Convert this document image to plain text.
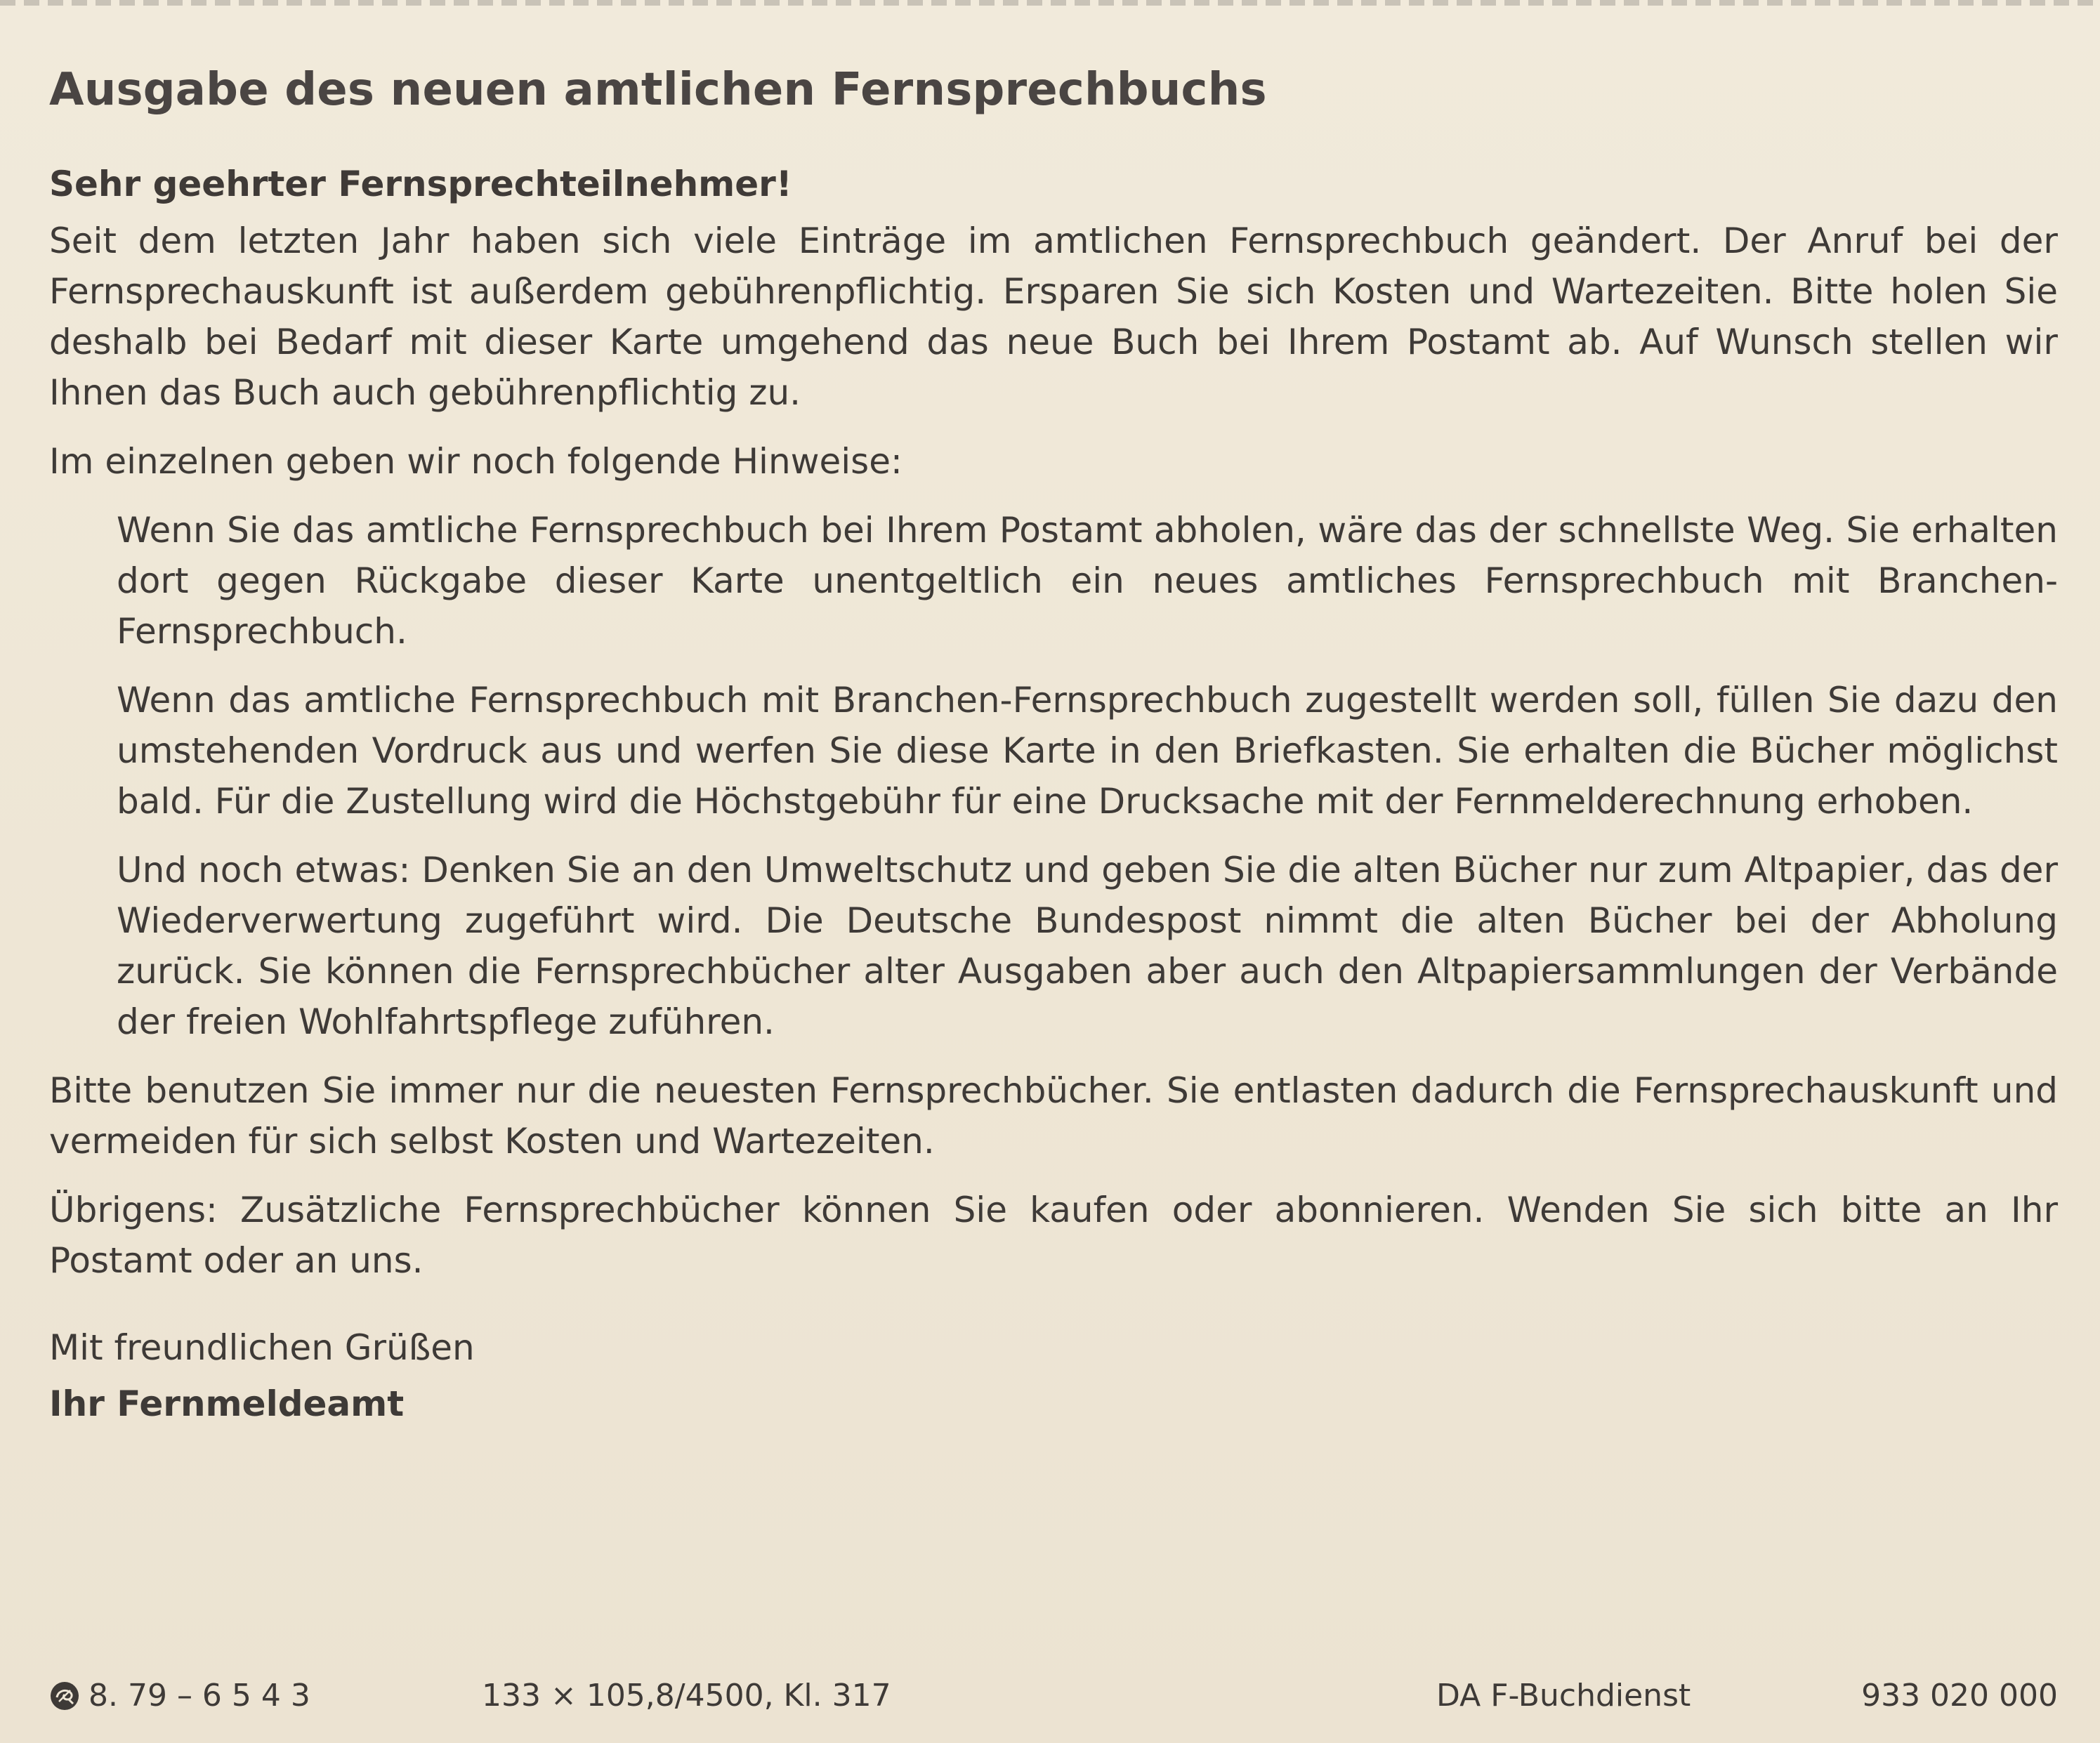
Ausgabe des neuen amtlichen Fernsprechbuchs
Sehr geehrter Fernsprechteilnehmer!

Seit dem letzten Jahr haben sich viele Einträge im amtlichen Fernsprechbuch geändert. Der Anruf bei der Fernsprechauskunft ist außerdem gebührenpflichtig. Ersparen Sie sich Kosten und Wartezeiten. Bitte holen Sie deshalb bei Bedarf mit dieser Karte umgehend das neue Buch bei Ihrem Postamt ab. Auf Wunsch stellen wir Ihnen das Buch auch gebührenpflichtig zu.

Im einzelnen geben wir noch folgende Hinweise:

Wenn Sie das amtliche Fernsprechbuch bei Ihrem Postamt abholen, wäre das der schnellste Weg. Sie erhalten dort gegen Rückgabe dieser Karte unentgeltlich ein neues amtliches Fernsprechbuch mit Branchen-Fernsprechbuch.

Wenn das amtliche Fernsprechbuch mit Branchen-Fernsprechbuch zugestellt werden soll, füllen Sie dazu den umstehenden Vordruck aus und werfen Sie diese Karte in den Briefkasten. Sie erhalten die Bücher möglichst bald. Für die Zustellung wird die Höchstgebühr für eine Drucksache mit der Fernmelderechnung erhoben.

Und noch etwas: Denken Sie an den Umweltschutz und geben Sie die alten Bücher nur zum Altpapier, das der Wiederverwertung zugeführt wird. Die Deutsche Bundespost nimmt die alten Bücher bei der Abholung zurück. Sie können die Fernsprechbücher alter Ausgaben aber auch den Altpapiersammlungen der Verbände der freien Wohlfahrtspflege zuführen.

Bitte benutzen Sie immer nur die neuesten Fernsprechbücher. Sie entlasten dadurch die Fernsprechauskunft und vermeiden für sich selbst Kosten und Wartezeiten.

Übrigens: Zusätzliche Fernsprechbücher können Sie kaufen oder abonnieren. Wenden Sie sich bitte an Ihr Postamt oder an uns.

Mit freundlichen Grüßen
Ihr Fernmeldeamt
8. 79 – 6 5 4 3	133 × 105,8/4500, Kl. 317	DA F-Buchdienst	933 020 000
